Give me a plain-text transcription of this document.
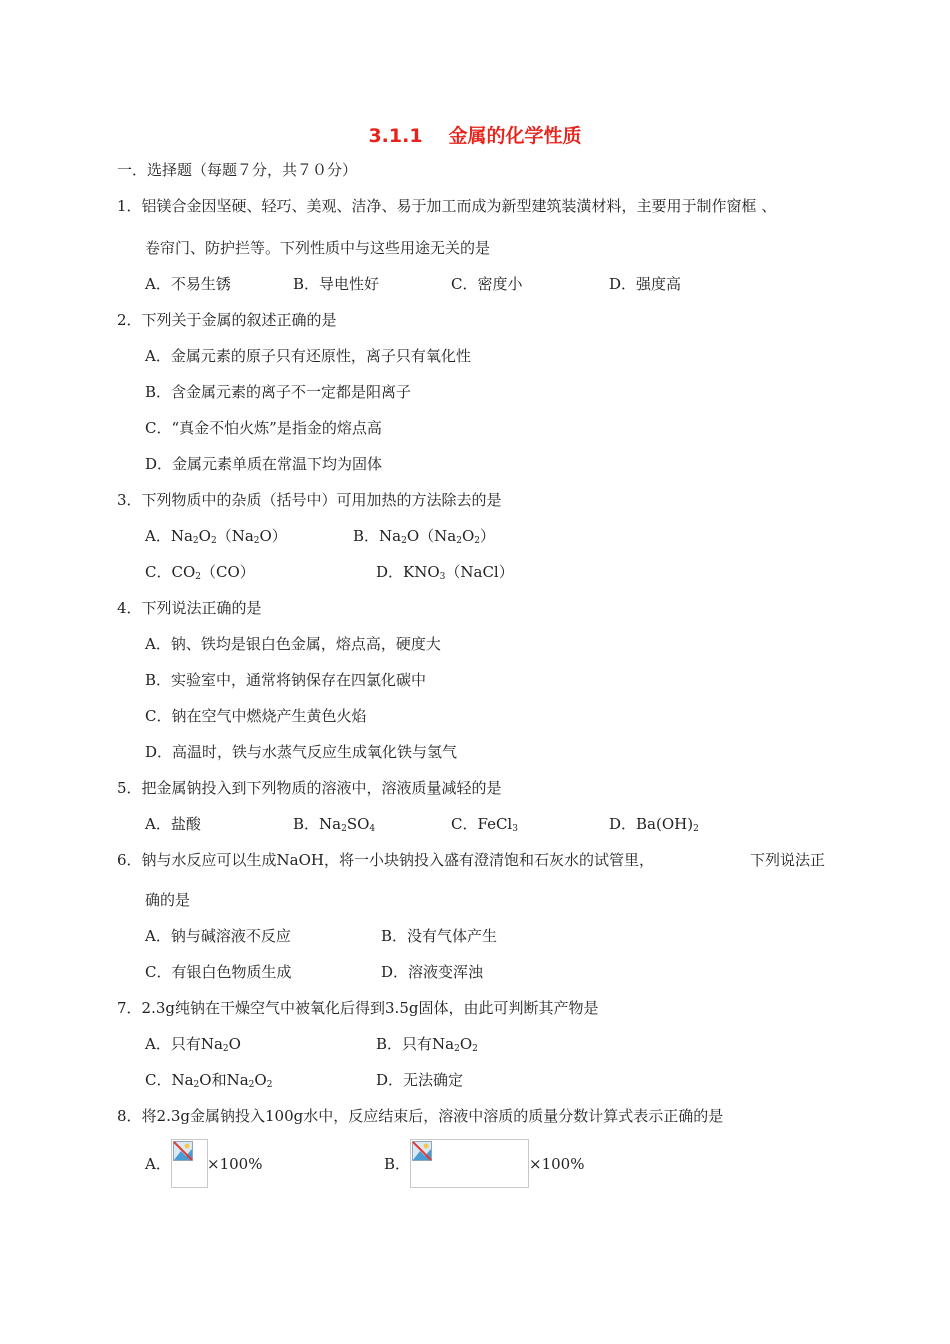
3.1.1 金属的化学性质
一．选择题（每题７分，共７０分）
1．铝镁合金因坚硬、轻巧、美观、洁净、易于加工而成为新型建筑装潢材料，主要用于制作窗框 、
卷帘门、防护拦等。下列性质中与这些用途无关的是
A．不易生锈	B．导电性好	C．密度小	D．强度高
2．下列关于金属的叙述正确的是
A．金属元素的原子只有还原性，离子只有氧化性
B．含金属元素的离子不一定都是阳离子
C．“真金不怕火炼”是指金的熔点高
D．金属元素单质在常温下均为固体
3．下列物质中的杂质（括号中）可用加热的方法除去的是
A．$Na_2O_2(Na_2O)$	B．$Na_2O(Na_2O_2)$
C．$CO_2(CO)$	D．$KNO_3(NaCl)$
4．下列说法正确的是
A．钠、铁均是银白色金属，熔点高，硬度大
B．实验室中，通常将钠保存在四氯化碳中
C．钠在空气中燃烧产生黄色火焰
D．高温时，铁与水蒸气反应生成氧化铁与氢气
5．把金属钠投入到下列物质的溶液中，溶液质量减轻的是
A．盐酸	B．$Na_2SO_4$	C．FeCl$_3$	D．$Ba(OH)_2$
6．钠与水反应可以生成NaOH，将一小块钠投入盛有澄清饱和石灰水的试管里，	下列说法正
确的是
A．钠与碱溶液不反应	B．没有气体产生
C．有银白色物质生成	D．溶液变浑浊
7．2.3g纯钠在干燥空气中被氧化后得到3.5g固体，由此可判断其产物是
A．只有$Na_2O$	B．只有$Na_2O_2$
C．$Na_2O$和$Na_2O_2$	D．无法确定
8．将2.3g金属钠投入100g水中，反应结束后，溶液中溶质的质量分数计算式表示正确的是
A． ×100%	B．	×100%
